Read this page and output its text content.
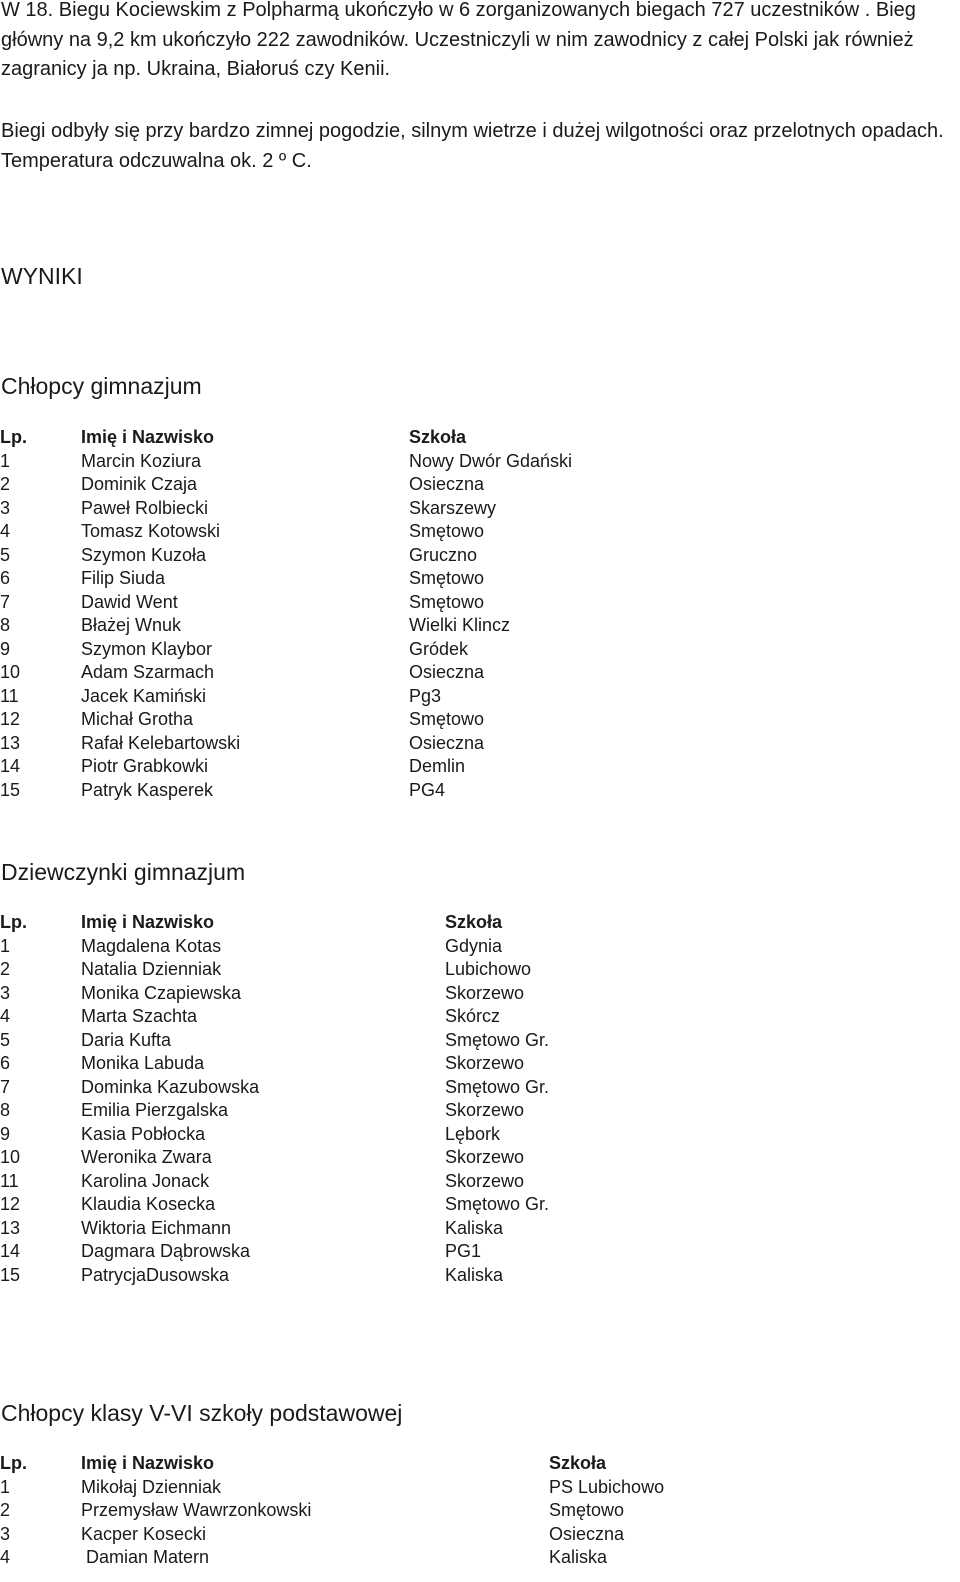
W 18. Biegu Kociewskim z Polpharmą ukończyło w 6 zorganizowanych biegach 727 uczestników . Bieg główny na 9,2 km ukończyło 222 zawodników. Uczestniczyli w nim zawodnicy z całej Polski jak również zagranicy ja np. Ukraina, Białoruś czy Kenii.

Biegi odbyły się przy bardzo zimnej pogodzie, silnym wietrze i dużej wilgotności oraz przelotnych opadach. Temperatura odczuwalna ok. 2 º C.

WYNIKI
Chłopcy gimnazjum
Lp.	Imię i Nazwisko	Szkoła
1	Marcin Koziura	Nowy Dwór Gdański
2	Dominik Czaja	Osieczna
3	Paweł Rolbiecki	Skarszewy
4	Tomasz Kotowski	Smętowo
5	Szymon Kuzoła	Gruczno
6	Filip Siuda	Smętowo
7	Dawid Went	Smętowo
8	Błażej Wnuk	Wielki Klincz
9	Szymon Klaybor	Gródek
10	Adam Szarmach	Osieczna
11	Jacek Kamiński	Pg3
12	Michał Grotha	Smętowo
13	Rafał Kelebartowski	Osieczna
14	Piotr Grabkowki	Demlin
15	Patryk Kasperek	PG4
Dziewczynki gimnazjum
Lp.	Imię i Nazwisko	Szkoła
1	Magdalena Kotas	Gdynia
2	Natalia Dzienniak	Lubichowo
3	Monika Czapiewska	Skorzewo
4	Marta Szachta	Skórcz
5	Daria Kufta	Smętowo Gr.
6	Monika Labuda	Skorzewo
7	Dominka Kazubowska	Smętowo Gr.
8	Emilia Pierzgalska	Skorzewo
9	Kasia Pobłocka	Lębork
10	Weronika Zwara	Skorzewo
11	Karolina Jonack	Skorzewo
12	Klaudia Kosecka	Smętowo Gr.
13	Wiktoria Eichmann	Kaliska
14	Dagmara Dąbrowska	PG1
15	PatrycjaDusowska	Kaliska
Chłopcy klasy V-VI szkoły podstawowej
Lp.	Imię i Nazwisko	Szkoła
1	Mikołaj Dzienniak	PS Lubichowo
2	Przemysław Wawrzonkowski	Smętowo
3	Kacper Kosecki	Osieczna
4	Damian Matern	Kaliska
